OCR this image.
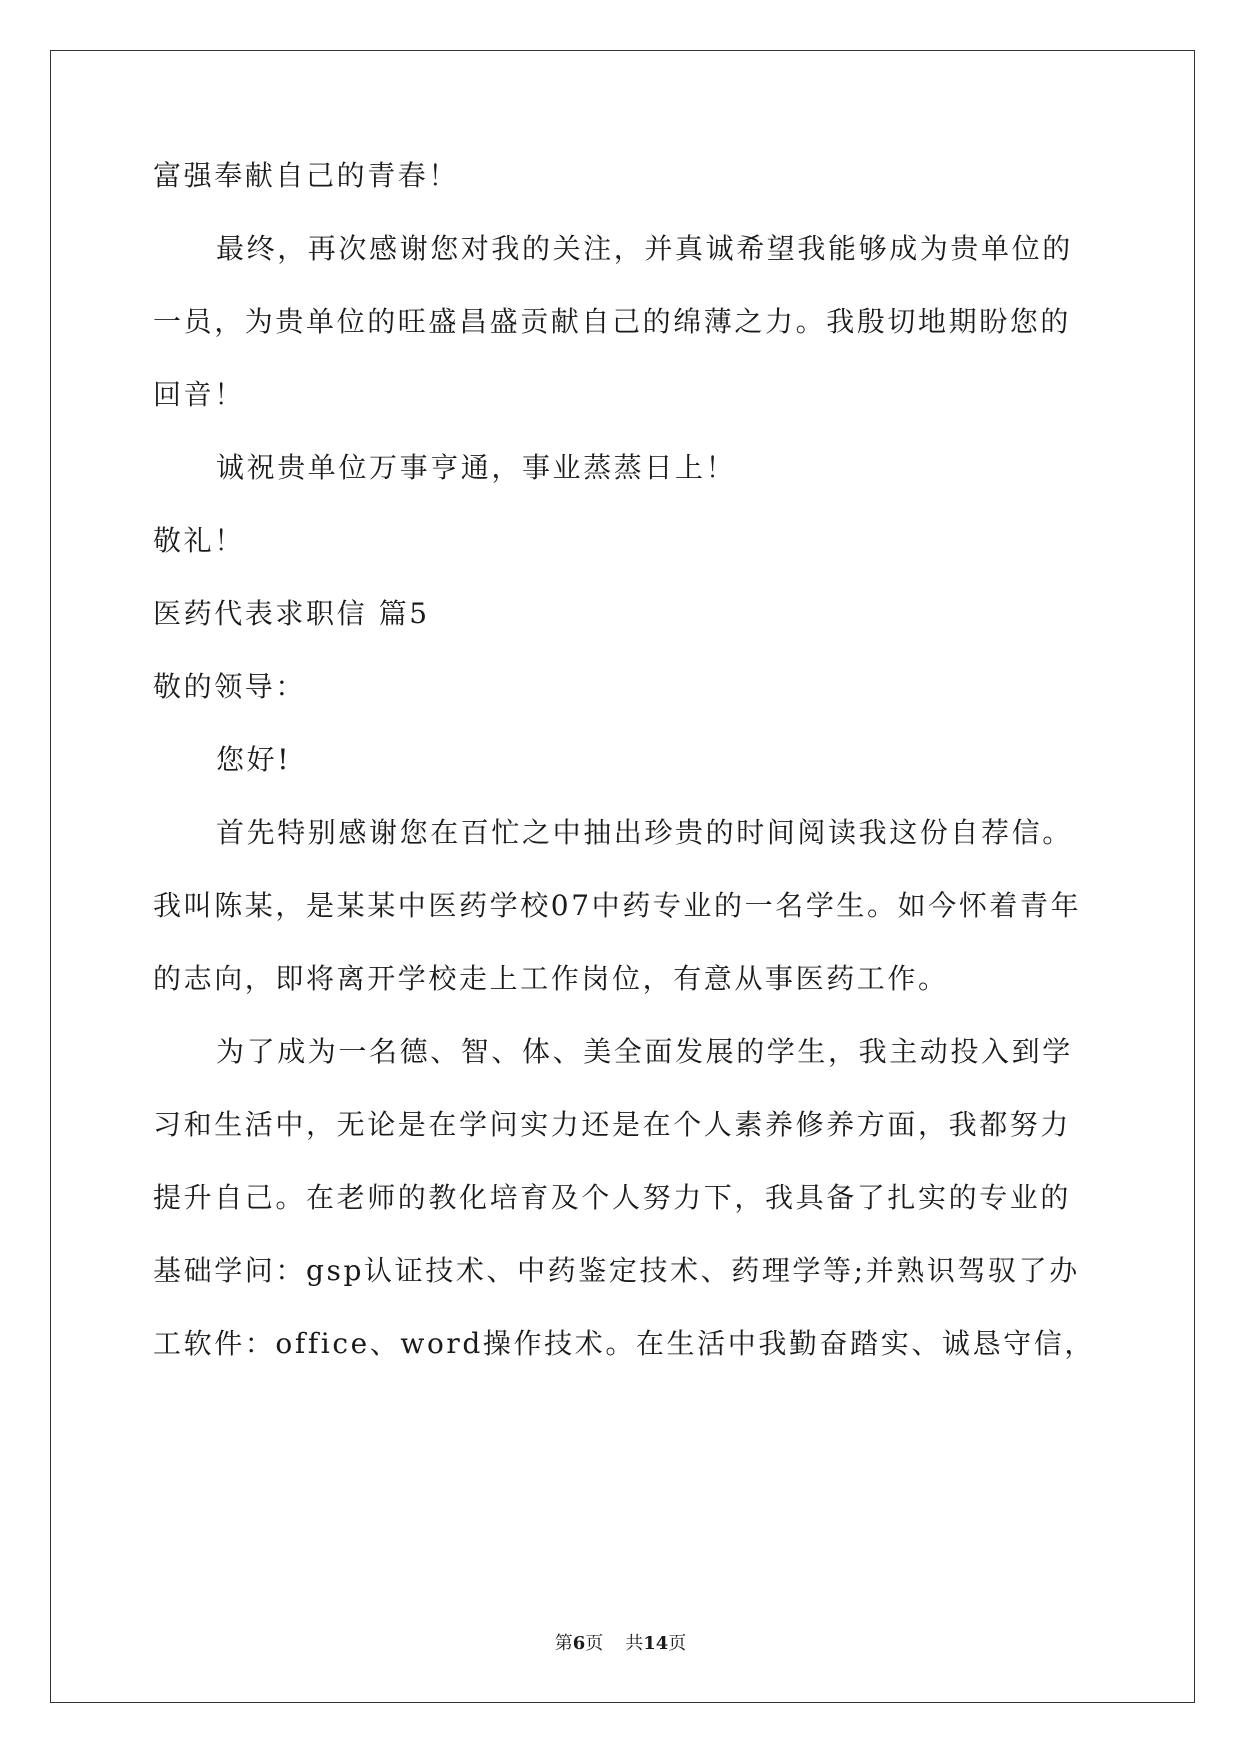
富强奉献自己的青春！
最终，再次感谢您对我的关注，并真诚希望我能够成为贵单位的
一员，为贵单位的旺盛昌盛贡献自己的绵薄之力。我殷切地期盼您的
回音！
诚祝贵单位万事亨通，事业蒸蒸日上！
敬礼！
医药代表求职信 篇5
敬的领导：
您好!
首先特别感谢您在百忙之中抽出珍贵的时间阅读我这份自荐信。
我叫陈某，是某某中医药学校07中药专业的一名学生。如今怀着青年
的志向，即将离开学校走上工作岗位，有意从事医药工作。
为了成为一名德、智、体、美全面发展的学生，我主动投入到学
习和生活中，无论是在学问实力还是在个人素养修养方面，我都努力
提升自己。在老师的教化培育及个人努力下，我具备了扎实的专业的
基础学问：gsp认证技术、中药鉴定技术、药理学等;并熟识驾驭了办
工软件：office、word操作技术。在生活中我勤奋踏实、诚恳守信，
第6页 共14页
